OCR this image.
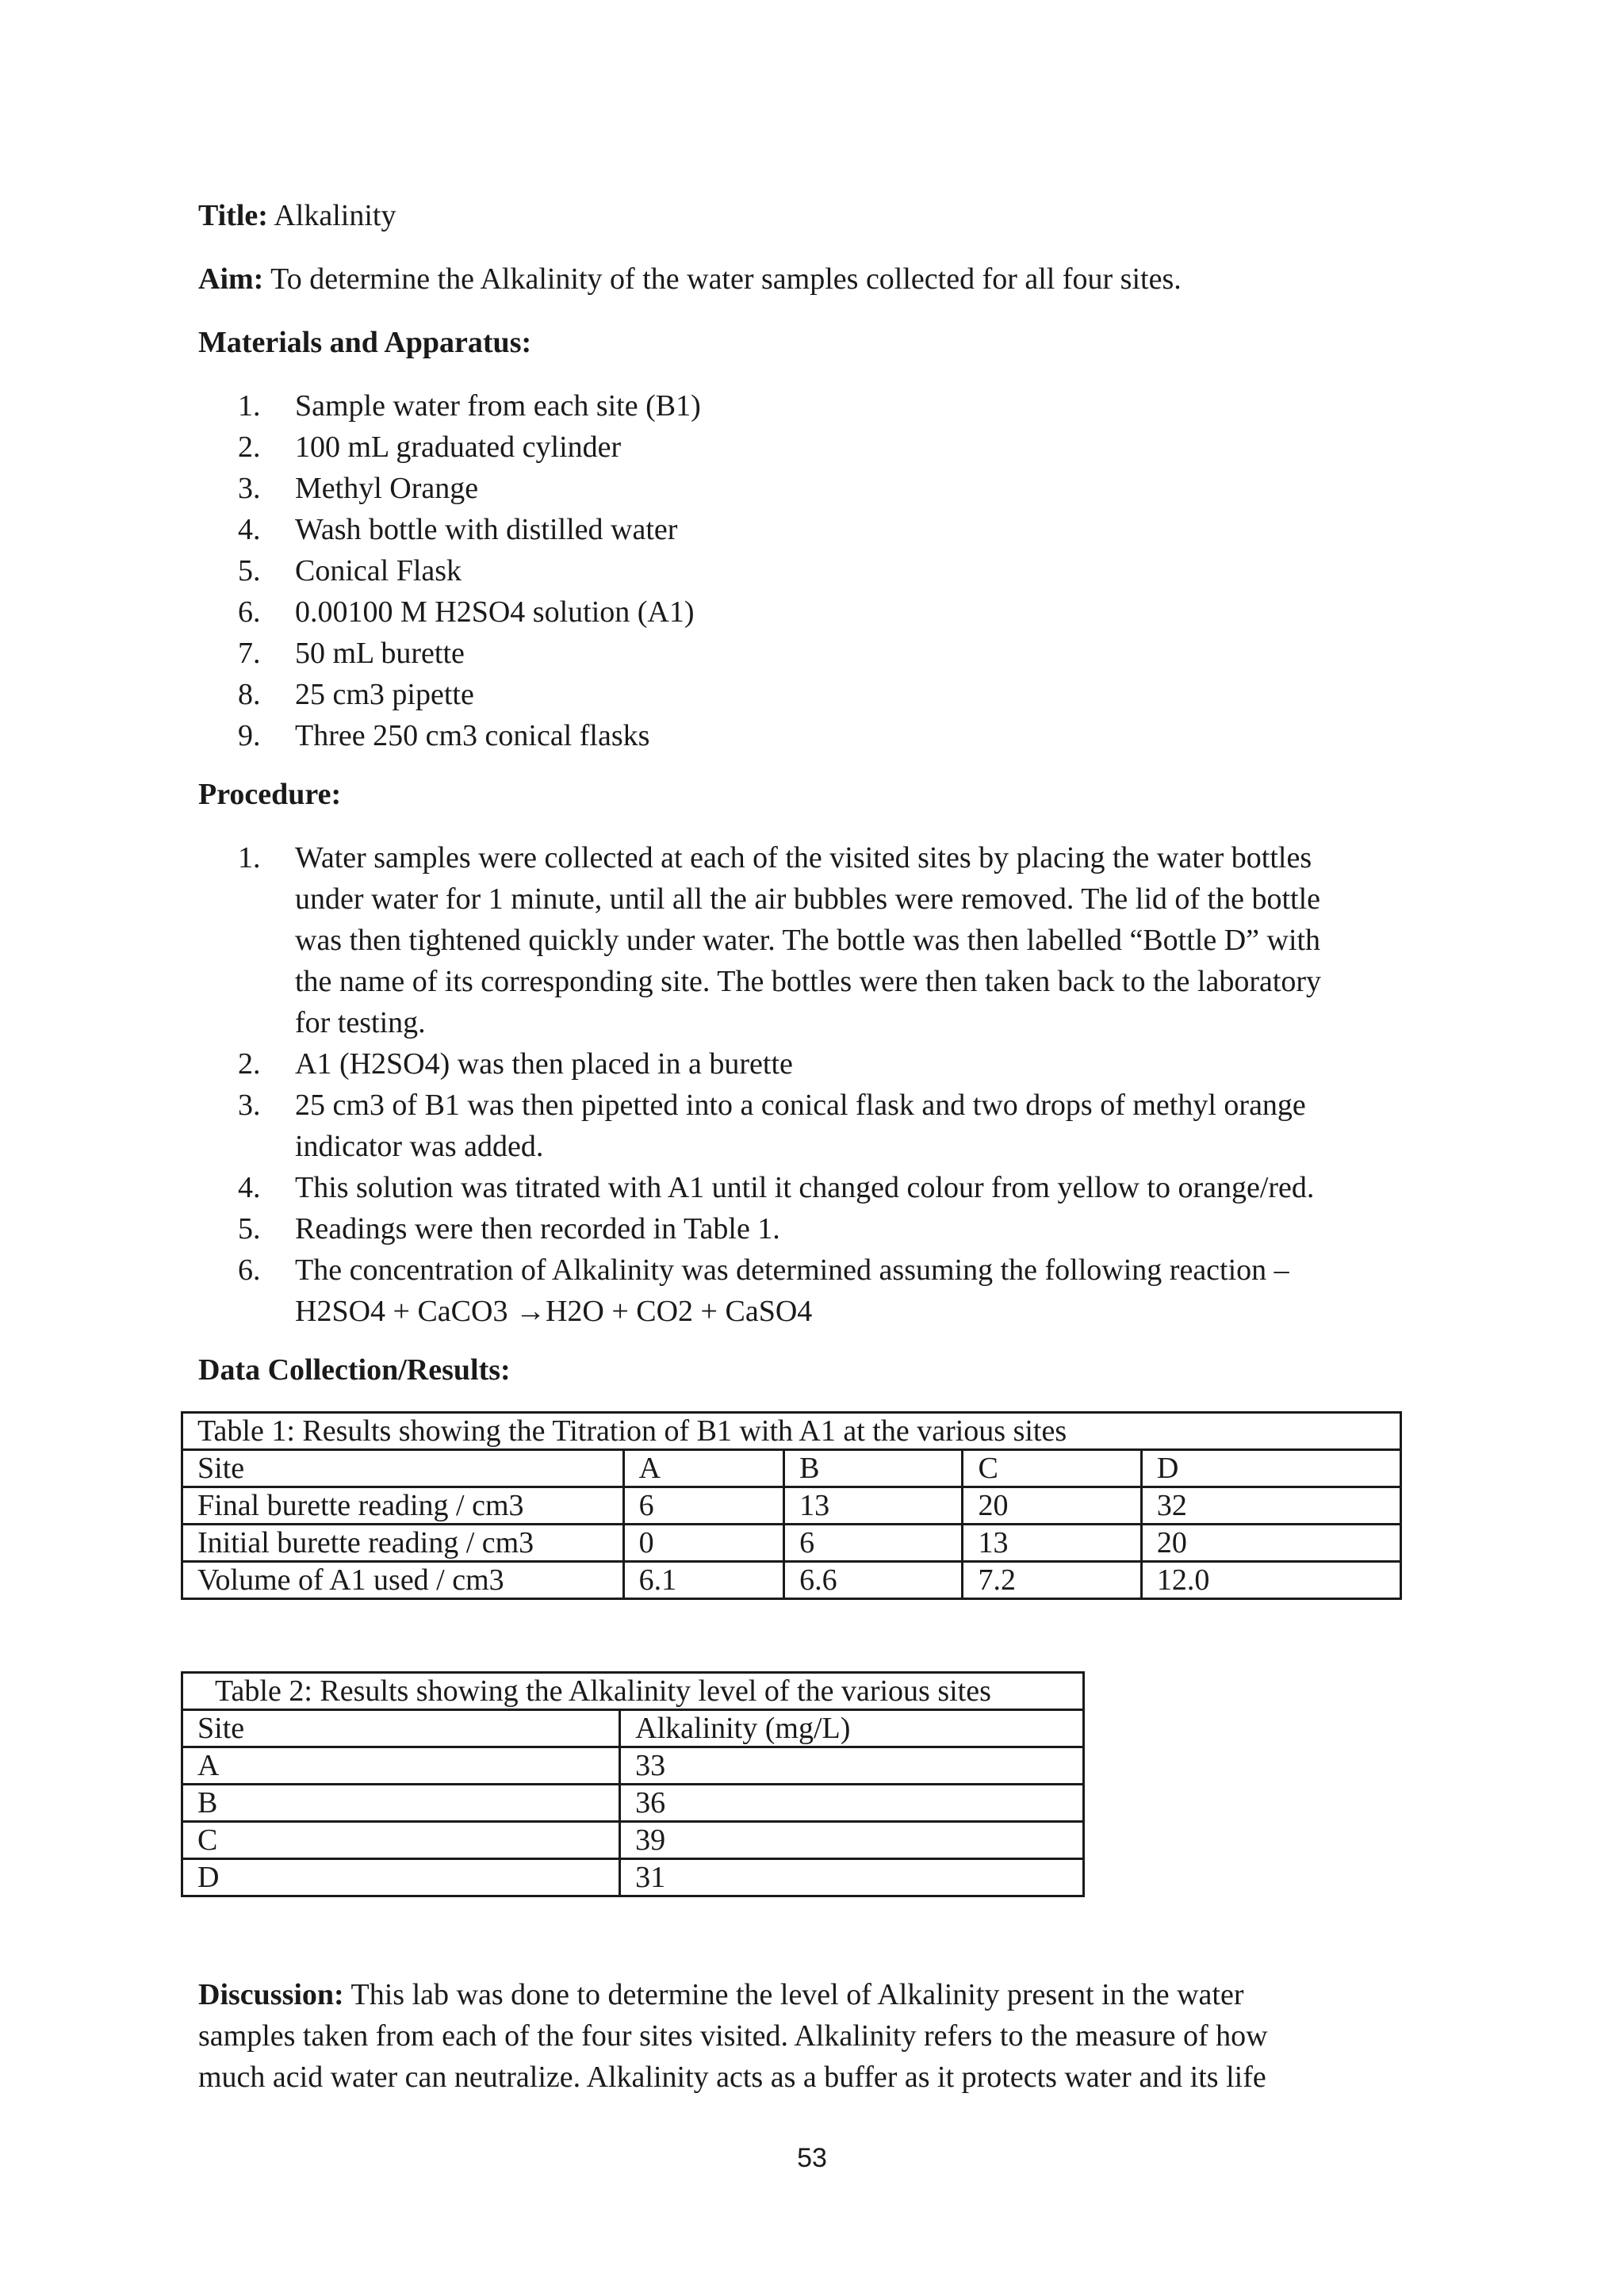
Title: Alkalinity
Aim: To determine the Alkalinity of the water samples collected for all four sites.
Materials and Apparatus:
1. Sample water from each site (B1)
2. 100 mL graduated cylinder
3. Methyl Orange
4. Wash bottle with distilled water
5. Conical Flask
6. 0.00100 M H2SO4 solution (A1)
7. 50 mL burette
8. 25 cm3 pipette
9. Three 250 cm3 conical flasks
Procedure:
1. Water samples were collected at each of the visited sites by placing the water bottles
under water for 1 minute, until all the air bubbles were removed. The lid of the bottle
was then tightened quickly under water. The bottle was then labelled “Bottle D” with
the name of its corresponding site. The bottles were then taken back to the laboratory
for testing.
2. A1 (H2SO4) was then placed in a burette
3. 25 cm3 of B1 was then pipetted into a conical flask and two drops of methyl orange
indicator was added.
4. This solution was titrated with A1 until it changed colour from yellow to orange/red.
5. Readings were then recorded in Table 1.
6. The concentration of Alkalinity was determined assuming the following reaction –
H2SO4 + CaCO3 →H2O + CO2 + CaSO4
Data Collection/Results:
Table 1: Results showing the Titration of B1 with A1 at the various sites				
Site	A	B	C	D
Final burette reading / cm3	6	13	20	32
Initial burette reading / cm3	0	6	13	20
Volume of A1 used / cm3	6.1	6.6	7.2	12.0
Table 2: Results showing the Alkalinity level of the various sites	
Site	Alkalinity (mg/L)
A	33
B	36
C	39
D	31
Discussion: This lab was done to determine the level of Alkalinity present in the water
samples taken from each of the four sites visited. Alkalinity refers to the measure of how
much acid water can neutralize. Alkalinity acts as a buffer as it protects water and its life
53
